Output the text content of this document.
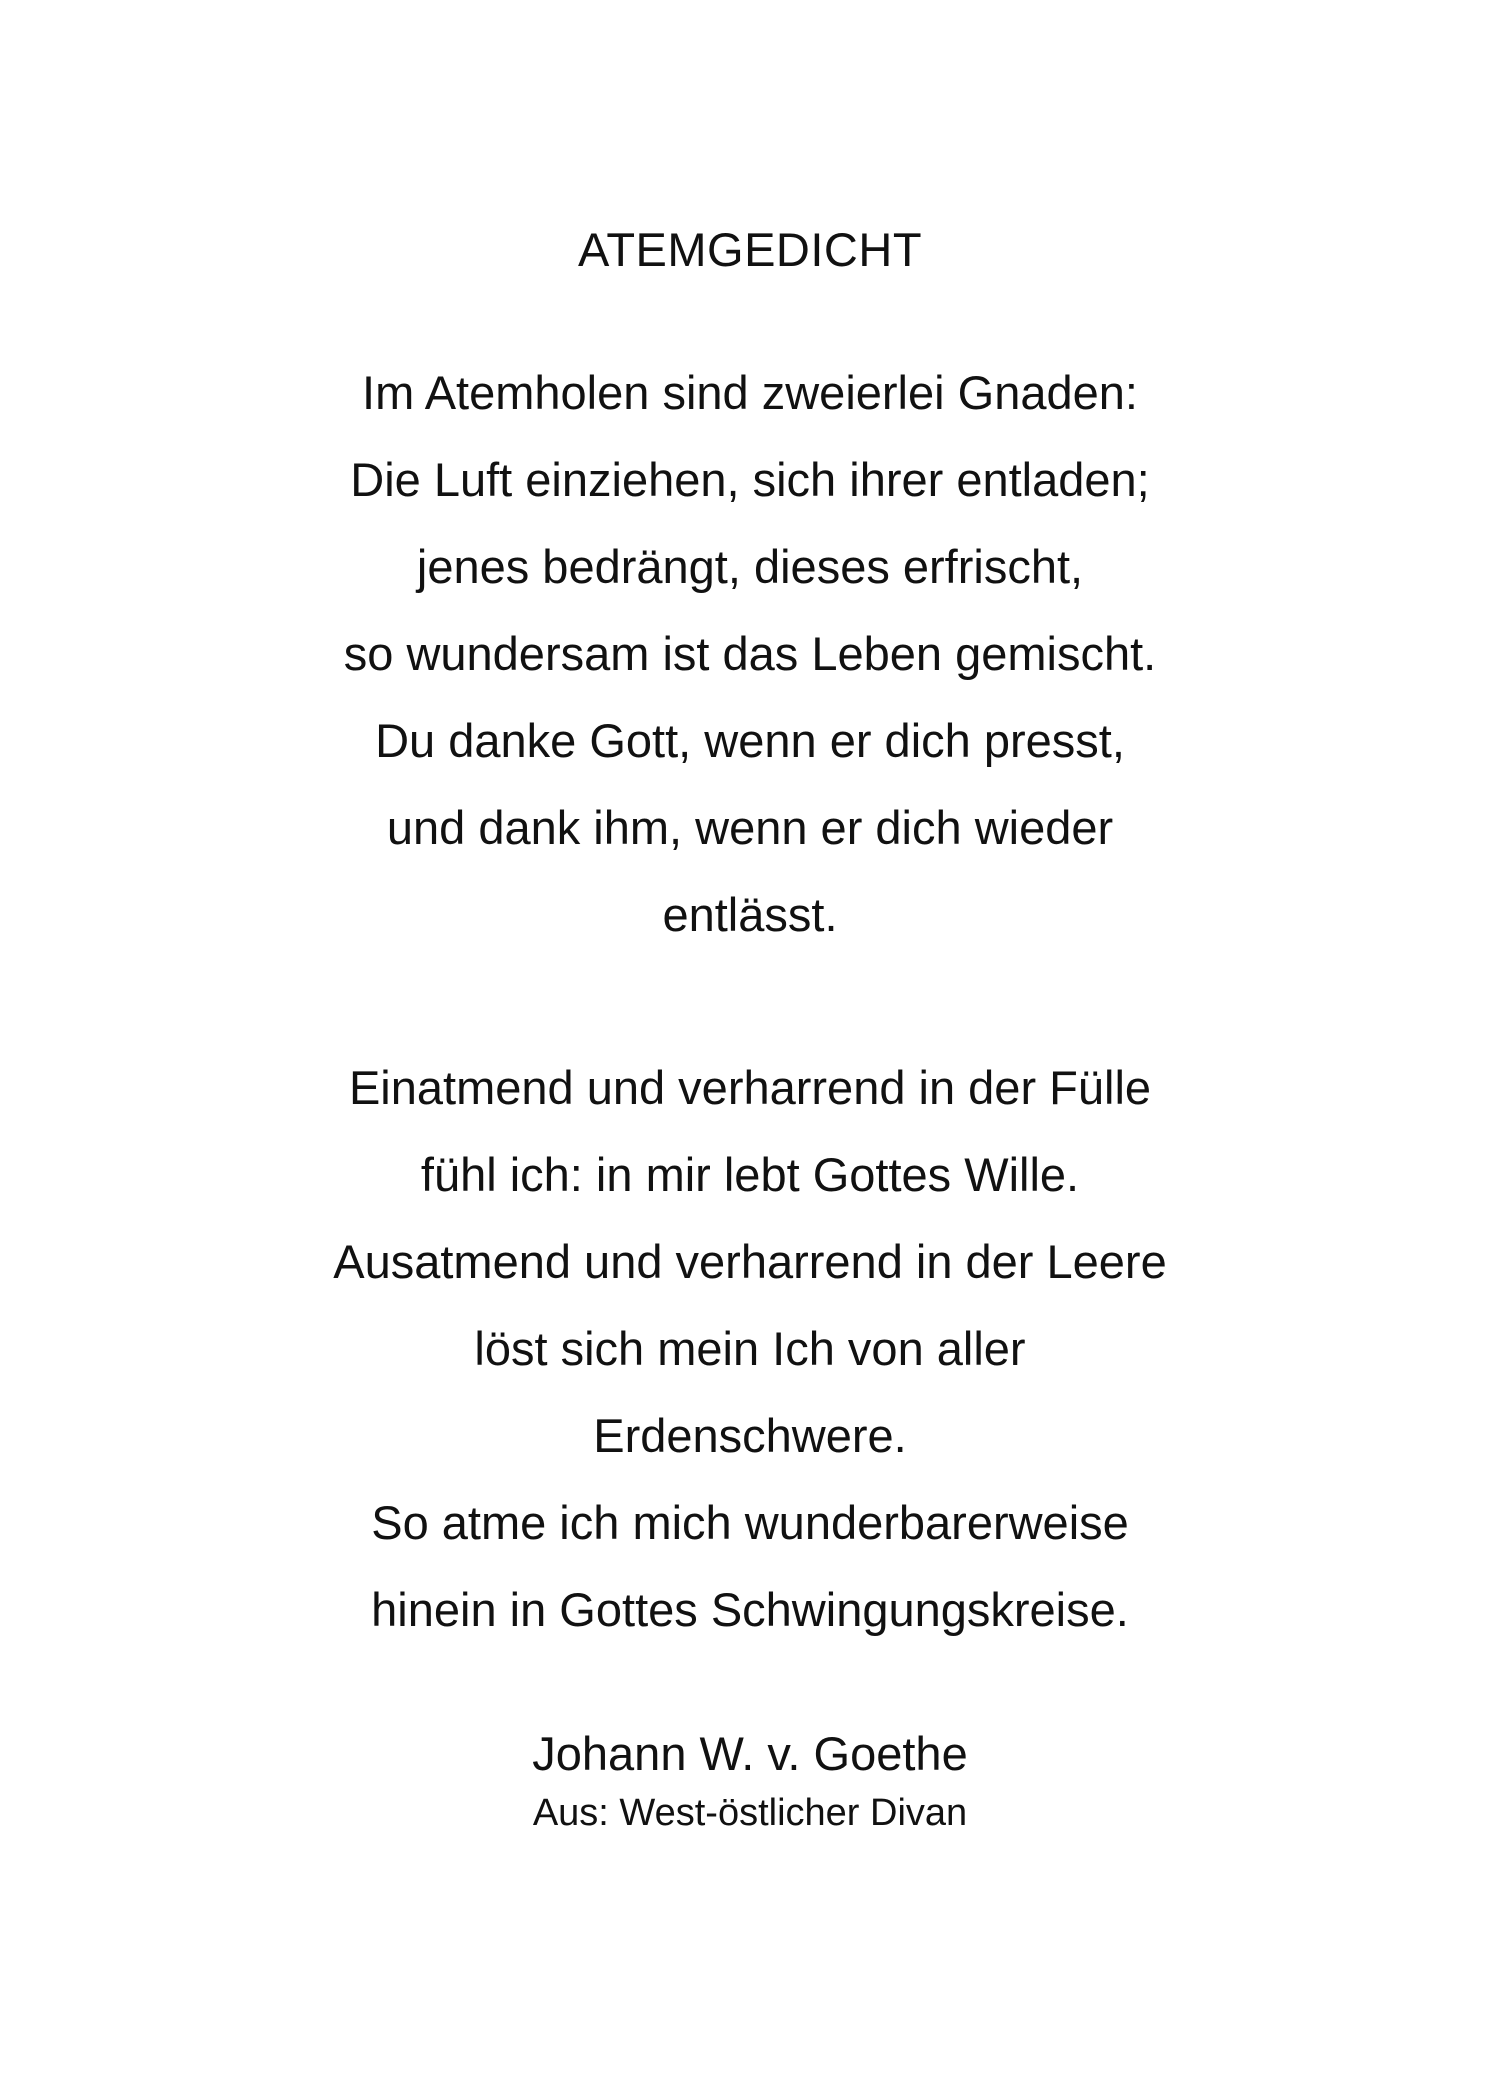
ATEMGEDICHT
Im Atemholen sind zweierlei Gnaden:
Die Luft einziehen, sich ihrer entladen;
jenes bedrängt, dieses erfrischt,
so wundersam ist das Leben gemischt.
Du danke Gott, wenn er dich presst,
und dank ihm, wenn er dich wieder
entlässt.
Einatmend und verharrend in der Fülle
fühl ich: in mir lebt Gottes Wille.
Ausatmend und verharrend in der Leere
löst sich mein Ich von aller
Erdenschwere.
So atme ich mich wunderbarerweise
hinein in Gottes Schwingungskreise.

Johann W. v. Goethe

Aus: West-östlicher Divan
